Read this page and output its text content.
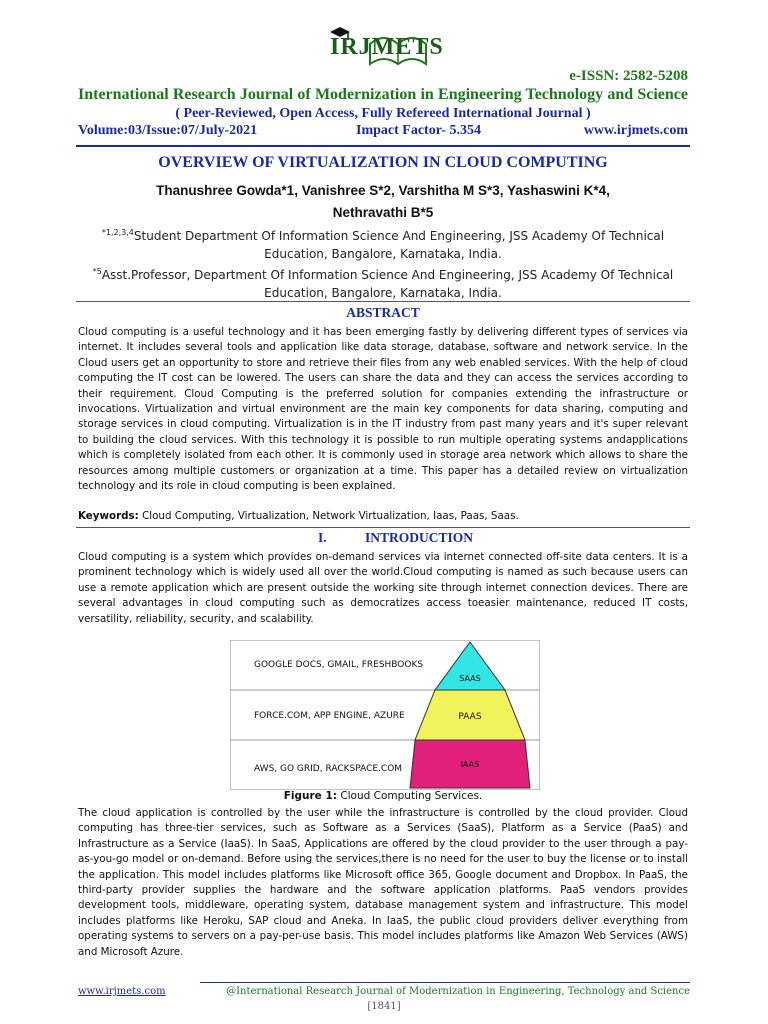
IRJMETS
e-ISSN: 2582-5208
International Research Journal of Modernization in Engineering Technology and Science
( Peer-Reviewed, Open Access, Fully Refereed International Journal )
Volume:03/Issue:07/July-2021	Impact Factor- 5.354	www.irjmets.com
OVERVIEW OF VIRTUALIZATION IN CLOUD COMPUTING
Thanushree Gowda*1, Vanishree S*2, Varshitha M S*3, Yashaswini K*4,
Nethravathi B*5
$^{*1,2,3,4}$Student Department Of Information Science And Engineering, JSS Academy Of Technical Education, Bangalore, Karnataka, India.
$^{*5}$Asst.Professor, Department Of Information Science And Engineering, JSS Academy Of Technical Education, Bangalore, Karnataka, India.
ABSTRACT
Cloud computing is a useful technology and it has been emerging fastly by delivering different types of services via internet. It includes several tools and application like data storage, database, software and network service. In the Cloud users get an opportunity to store and retrieve their files from any web enabled services. With the help of cloud computing the IT cost can be lowered. The users can share the data and they can access the services according to their requirement. Cloud Computing is the preferred solution for companies extending the infrastructure or invocations. Virtualization and virtual environment are the main key components for data sharing, computing and storage services in cloud computing. Virtualization is in the IT industry from past many years and it's super relevant to building the cloud services. With this technology it is possible to run multiple operating systems andapplications which is completely isolated from each other. It is commonly used in storage area network which allows to share the resources among multiple customers or organization at a time. This paper has a detailed review on virtualization technology and its role in cloud computing is been explained.
Keywords: Cloud Computing, Virtualization, Network Virtualization, Iaas, Paas, Saas.
I.	INTRODUCTION
Cloud computing is a system which provides on-demand services via internet connected off-site data centers. It is a prominent technology which is widely used all over the world.Cloud computing is named as such because users can use a remote application which are present outside the working site through internet connection devices. There are several advantages in cloud computing such as democratizes access toeasier maintenance, reduced IT costs, versatility, reliability, security, and scalability.
GOOGLE DOCS, GMAIL, FRESHBOOKS
FORCE.COM, APP ENGINE, AZURE
AWS, GO GRID, RACKSPACE.COM
SAAS
PAAS
IAAS
Figure 1: Cloud Computing Services.
The cloud application is controlled by the user while the infrastructure is controlled by the cloud provider. Cloud computing has three-tier services, such as Software as a Services (SaaS), Platform as a Service (PaaS) and Infrastructure as a Service (IaaS). In SaaS, Applications are offered by the cloud provider to the user through a pay-as-you-go model or on-demand. Before using the services,there is no need for the user to buy the license or to install the application. This model includes platforms like Microsoft office 365, Google document and Dropbox. In PaaS, the third-party provider supplies the hardware and the software application platforms. PaaS vendors provides development tools, middleware, operating system, database management system and infrastructure. This model includes platforms like Heroku, SAP cloud and Aneka. In IaaS, the public cloud providers deliver everything from operating systems to servers on a pay-per-use basis. This model includes platforms like Amazon Web Services (AWS) and Microsoft Azure.
www.irjmets.com	@International Research Journal of Modernization in Engineering, Technology and Science
[1841]
